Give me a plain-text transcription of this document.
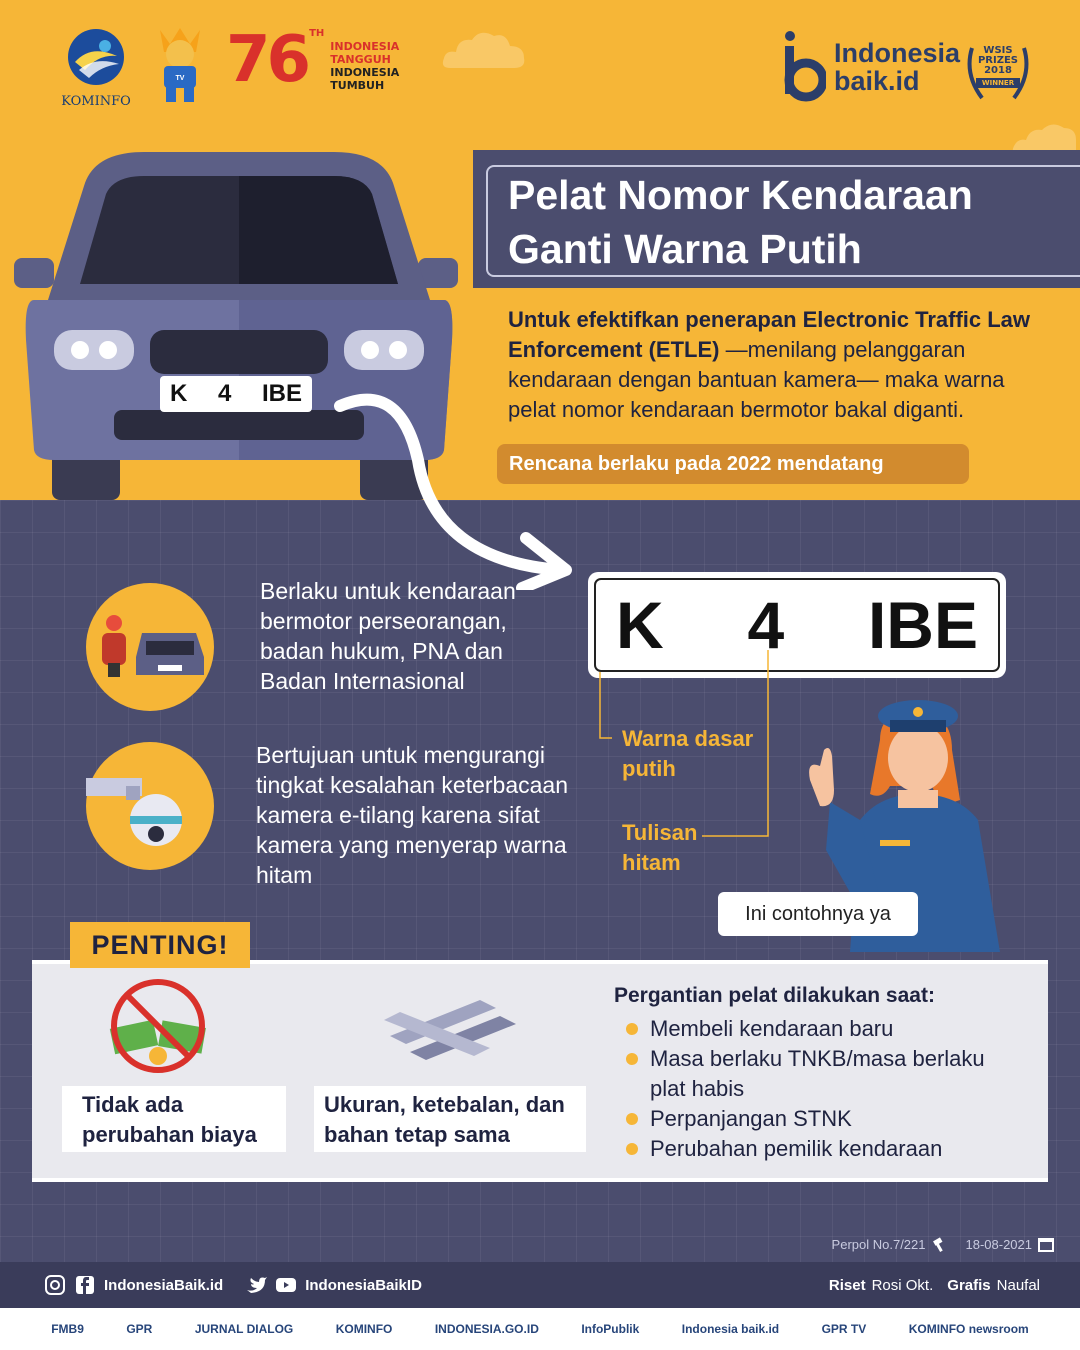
KOMINFO
TV 76 TH
INDONESIA
TANGGUH
INDONESIA
TUMBUH
Indonesia
baik.id
WSIS
PRIZES
2018
WINNER
K 4 IBE
Pelat Nomor Kendaraan
Ganti Warna Putih
Untuk efektifkan penerapan Electronic Traffic Law Enforcement (ETLE) —menilang pelanggaran kendaraan dengan bantuan kamera— maka warna pelat nomor kendaraan bermotor bakal diganti.
Rencana berlaku pada 2022 mendatang
Berlaku untuk kendaraan bermotor perseorangan, badan hukum, PNA dan Badan Internasional
Bertujuan untuk mengurangi tingkat kesalahan keterbacaan kamera e-tilang karena sifat kamera yang menyerap warna hitam
K 4 IBE
Warna dasar putih
Tulisan hitam
Ini contohnya ya
PENTING!
Tidak ada perubahan biaya
Ukuran, ketebalan, dan bahan tetap sama
Pergantian pelat dilakukan saat:
Membeli kendaraan baru
Masa berlaku TNKB/masa berlaku plat habis
Perpanjangan STNK
Perubahan pemilik kendaraan
Perpol No.7/221	18-08-2021
IndonesiaBaik.id	IndonesiaBaikID	Riset Rosi Okt. Grafis Naufal
FMB9	GPR	JURNAL DIALOG	KOMINFO	INDONESIA.GO.ID	InfoPublik	Indonesia baik.id	GPR TV	KOMINFO newsroom
